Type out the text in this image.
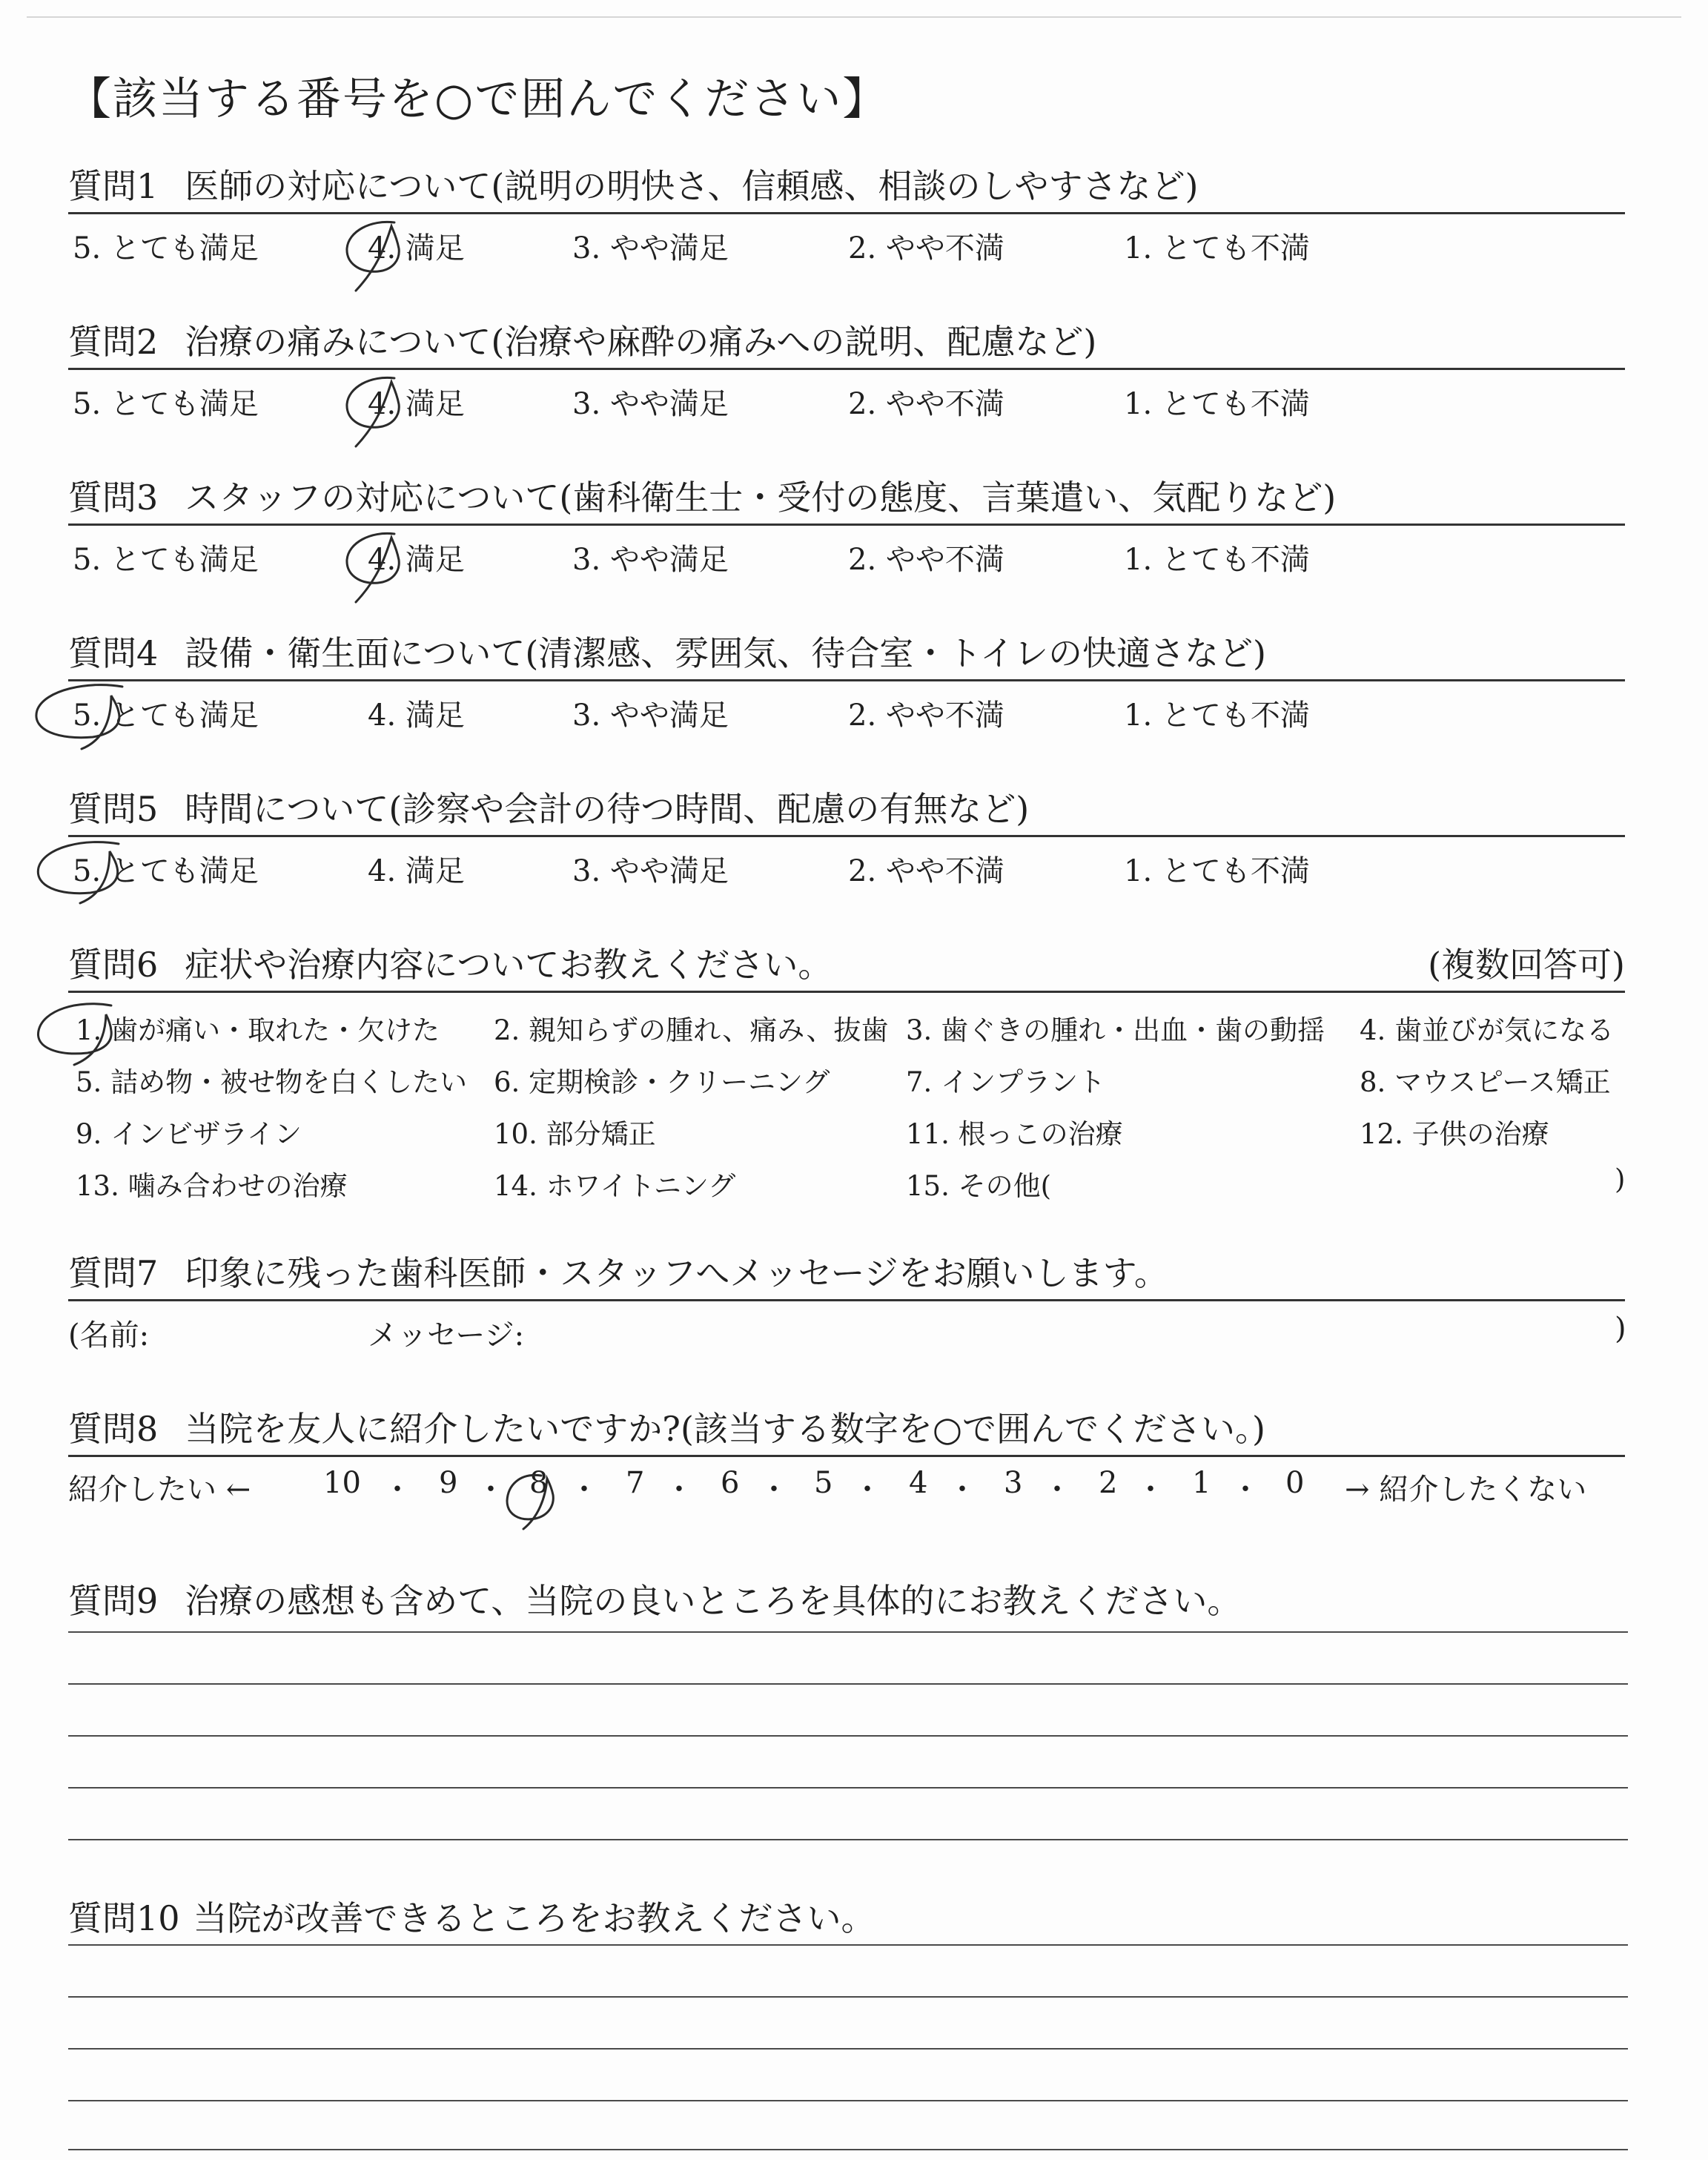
【該当する番号を○で囲んでください】
質問1 医師の対応について(説明の明快さ、信頼感、相談のしやすさなど)
5. とても満足	4. 満足	3. やや満足	2. やや不満	1. とても不満
質問2 治療の痛みについて(治療や麻酔の痛みへの説明、配慮など)
5. とても満足	4. 満足	3. やや満足	2. やや不満	1. とても不満
質問3 スタッフの対応について(歯科衛生士・受付の態度、言葉遣い、気配りなど)
5. とても満足	4. 満足	3. やや満足	2. やや不満	1. とても不満
質問4 設備・衛生面について(清潔感、雰囲気、待合室・トイレの快適さなど)
5. とても満足	4. 満足	3. やや満足	2. やや不満	1. とても不満
質問5 時間について(診察や会計の待つ時間、配慮の有無など)
5. とても満足	4. 満足	3. やや満足	2. やや不満	1. とても不満
質問6 症状や治療内容についてお教えください。	(複数回答可)
1. 歯が痛い・取れた・欠けた 2. 親知らずの腫れ、痛み、抜歯 3. 歯ぐきの腫れ・出血・歯の動揺 4. 歯並びが気になる
5. 詰め物・被せ物を白くしたい 6. 定期検診・クリーニング	7. インプラント	8. マウスピース矯正
9. インビザライン	10. 部分矯正	11. 根っこの治療	12. 子供の治療
13. 噛み合わせの治療	14. ホワイトニング	15. その他(	)
質問7 印象に残った歯科医師・スタッフへメッセージをお願いします。
(名前:	メッセージ:	)
質問8 当院を友人に紹介したいですか?(該当する数字を○で囲んでください。)
紹介したい ← 10 ・ 9 ・ 8 ・ 7 ・ 6 ・ 5 ・ 4 ・ 3 ・ 2 ・ 1 ・ 0 → 紹介したくない
質問9 治療の感想も含めて、当院の良いところを具体的にお教えください。
質問10 当院が改善できるところをお教えください。
